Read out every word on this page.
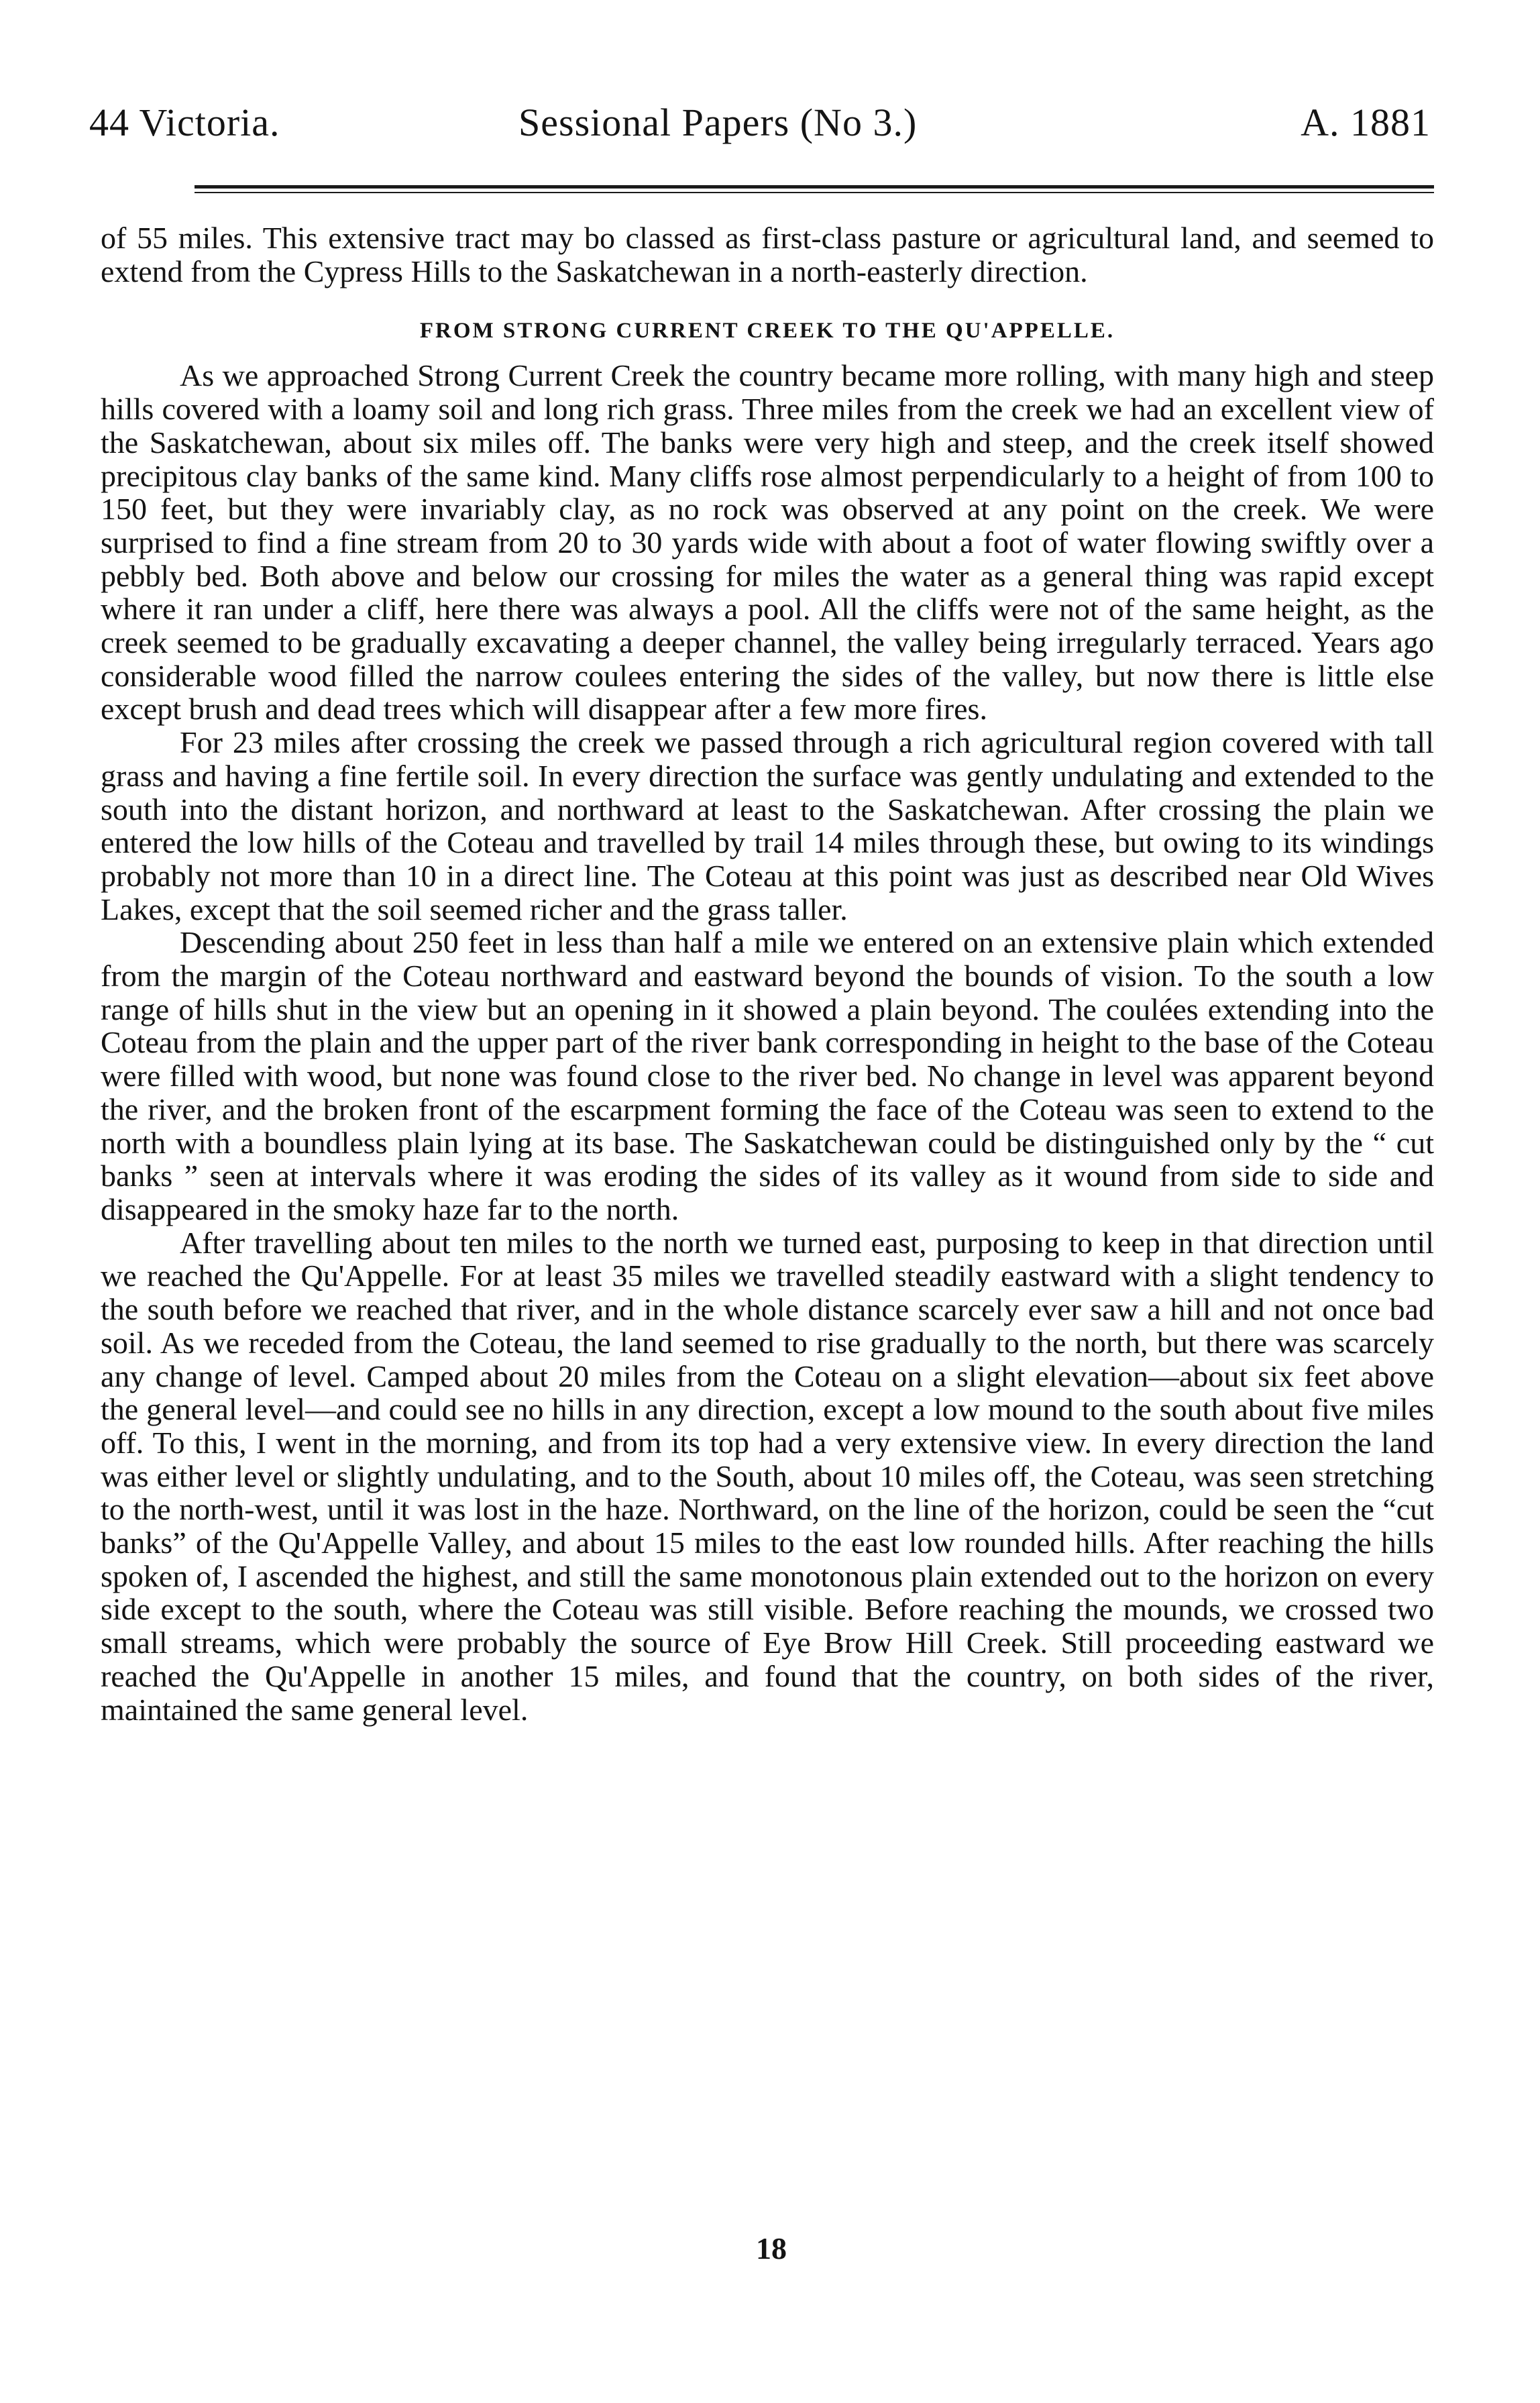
44 Victoria.	Sessional Papers (No 3.)	A. 1881

of 55 miles. This extensive tract may bo classed as first-class pasture or agricultural land, and seemed to extend from the Cypress Hills to the Saskatchewan in a north-easterly direction.

FROM STRONG CURRENT CREEK TO THE QU'APPELLE.

As we approached Strong Current Creek the country became more rolling, with many high and steep hills covered with a loamy soil and long rich grass. Three miles from the creek we had an excellent view of the Saskatchewan, about six miles off. The banks were very high and steep, and the creek itself showed precipitous clay banks of the same kind. Many cliffs rose almost perpendicularly to a height of from 100 to 150 feet, but they were invariably clay, as no rock was observed at any point on the creek. We were surprised to find a fine stream from 20 to 30 yards wide with about a foot of water flowing swiftly over a pebbly bed. Both above and below our crossing for miles the water as a general thing was rapid except where it ran under a cliff, here there was always a pool. All the cliffs were not of the same height, as the creek seemed to be gradually excavating a deeper channel, the valley being irregularly terraced. Years ago considerable wood filled the narrow coulees entering the sides of the valley, but now there is little else except brush and dead trees which will disappear after a few more fires.

For 23 miles after crossing the creek we passed through a rich agricultural region covered with tall grass and having a fine fertile soil. In every direction the surface was gently undulating and extended to the south into the distant horizon, and northward at least to the Saskatchewan. After crossing the plain we entered the low hills of the Coteau and travelled by trail 14 miles through these, but owing to its windings probably not more than 10 in a direct line. The Coteau at this point was just as described near Old Wives Lakes, except that the soil seemed richer and the grass taller.

Descending about 250 feet in less than half a mile we entered on an extensive plain which extended from the margin of the Coteau northward and eastward beyond the bounds of vision. To the south a low range of hills shut in the view but an opening in it showed a plain beyond. The coulées extending into the Coteau from the plain and the upper part of the river bank corresponding in height to the base of the Coteau were filled with wood, but none was found close to the river bed. No change in level was apparent beyond the river, and the broken front of the escarpment forming the face of the Coteau was seen to extend to the north with a boundless plain lying at its base. The Saskatchewan could be distinguished only by the “ cut banks ” seen at intervals where it was eroding the sides of its valley as it wound from side to side and disappeared in the smoky haze far to the north.

After travelling about ten miles to the north we turned east, purposing to keep in that direction until we reached the Qu'Appelle. For at least 35 miles we travelled steadily eastward with a slight tendency to the south before we reached that river, and in the whole distance scarcely ever saw a hill and not once bad soil. As we receded from the Coteau, the land seemed to rise gradually to the north, but there was scarcely any change of level. Camped about 20 miles from the Coteau on a slight elevation—about six feet above the general level—and could see no hills in any direction, except a low mound to the south about five miles off. To this, I went in the morning, and from its top had a very extensive view. In every direction the land was either level or slightly undulating, and to the South, about 10 miles off, the Coteau, was seen stretching to the north-west, until it was lost in the haze. Northward, on the line of the horizon, could be seen the “cut banks” of the Qu'Appelle Valley, and about 15 miles to the east low rounded hills. After reaching the hills spoken of, I ascended the highest, and still the same monotonous plain extended out to the horizon on every side except to the south, where the Coteau was still visible. Before reaching the mounds, we crossed two small streams, which were probably the source of Eye Brow Hill Creek. Still proceeding eastward we reached the Qu'Appelle in another 15 miles, and found that the country, on both sides of the river, maintained the same general level.

18
